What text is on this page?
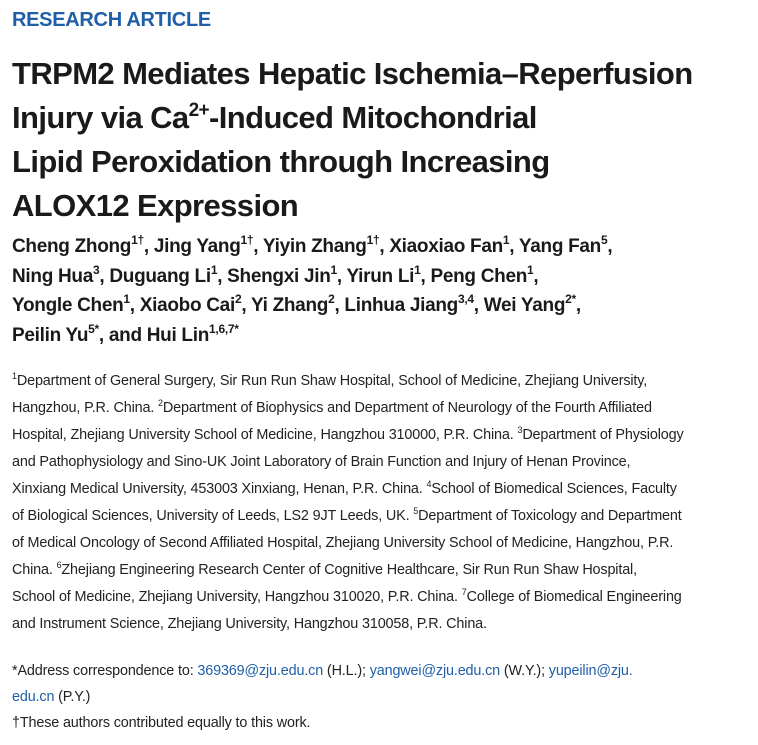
RESEARCH ARTICLE
TRPM2 Mediates Hepatic Ischemia–Reperfusion
Injury via $Ca^{2+}$-Induced Mitochondrial
Lipid Peroxidation through Increasing
ALOX12 Expression
Cheng Zhong$^{1\dagger}$, Jing Yang$^{1\dagger}$, Yiyin Zhang$^{1\dagger}$, Xiaoxiao Fan$^1$, Yang Fan$^5$,
Ning Hua$^3$, Duguang Li$^1$, Shengxi Jin$^1$, Yirun Li$^1$, Peng Chen$^1$,
Yongle Chen$^1$, Xiaobo Cai$^2$, Yi Zhang$^2$, Linhua Jiang$^{3,4}$, Wei Yang$^{2*}$,
Peilin $Yu^{5*}$, and Hui Lin$^{1,6,7*}$
$^1$Department of General Surgery, Sir Run Run Shaw Hospital, School of Medicine, Zhejiang University,
Hangzhou, P.R. China. $^2$Department of Biophysics and Department of Neurology of the Fourth Affiliated
Hospital, Zhejiang University School of Medicine, Hangzhou 310000, P.R. China. $^3$Department of Physiology
and Pathophysiology and Sino-UK Joint Laboratory of Brain Function and Injury of Henan Province,
Xinxiang Medical University, 453003 Xinxiang, Henan, P.R. China. $^4$School of Biomedical Sciences, Faculty
of Biological Sciences, University of Leeds, LS2 9JT Leeds, UK. $^5$Department of Toxicology and Department
of Medical Oncology of Second Affiliated Hospital, Zhejiang University School of Medicine, Hangzhou, P.R.
China. $^6$Zhejiang Engineering Research Center of Cognitive Healthcare, Sir Run Run Shaw Hospital,
School of Medicine, Zhejiang University, Hangzhou 310020, P.R. China. $^7$College of Biomedical Engineering
and Instrument Science, Zhejiang University, Hangzhou 310058, P.R. China.
*Address correspondence to: 369369@zju.edu.cn (H.L.); yangwei@zju.edu.cn (W.Y.); yupeilin@zju.
edu.cn (P.Y.)
†These authors contributed equally to this work.
